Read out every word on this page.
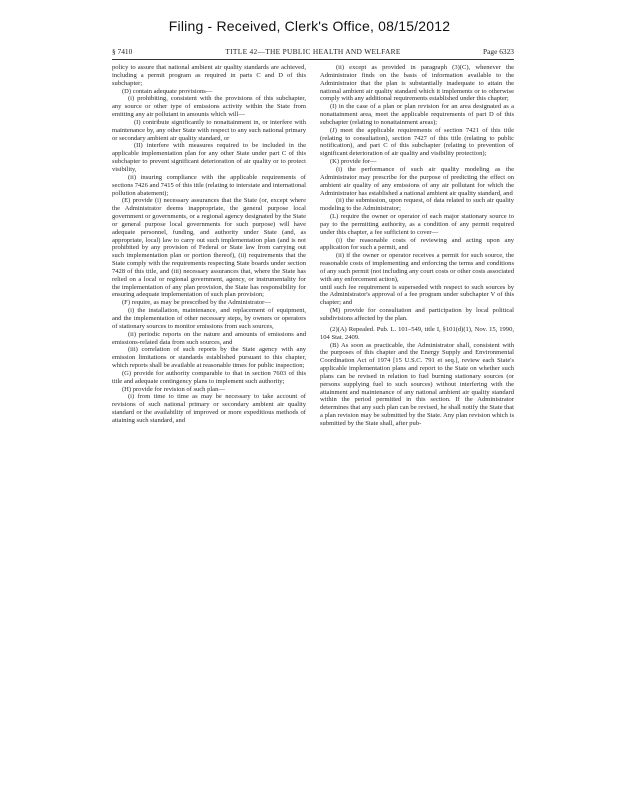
Filing - Received, Clerk's Office, 08/15/2012
§ 7410	TITLE 42—THE PUBLIC HEALTH AND WELFARE	Page 6323

policy to assure that national ambient air quality standards are achieved, including a permit program as required in parts C and D of this subchapter;

(D) contain adequate provisions—

(i) prohibiting, consistent with the provisions of this subchapter, any source or other type of emissions activity within the State from emitting any air pollutant in amounts which will—

(I) contribute significantly to nonattainment in, or interfere with maintenance by, any other State with respect to any such national primary or secondary ambient air quality standard, or

(II) interfere with measures required to be included in the applicable implementation plan for any other State under part C of this subchapter to prevent significant deterioration of air quality or to protect visibility,

(ii) insuring compliance with the applicable requirements of sections 7426 and 7415 of this title (relating to interstate and international pollution abatement);

(E) provide (i) necessary assurances that the State (or, except where the Administrator deems inappropriate, the general purpose local government or governments, or a regional agency designated by the State or general purpose local governments for such purpose) will have adequate personnel, funding, and authority under State (and, as appropriate, local) law to carry out such implementation plan (and is not prohibited by any provision of Federal or State law from carrying out such implementation plan or portion thereof), (ii) requirements that the State comply with the requirements respecting State boards under section 7428 of this title, and (iii) necessary assurances that, where the State has relied on a local or regional government, agency, or instrumentality for the implementation of any plan provision, the State has responsibility for ensuring adequate implementation of such plan provision;

(F) require, as may be prescribed by the Administrator—

(i) the installation, maintenance, and replacement of equipment, and the implementation of other necessary steps, by owners or operators of stationary sources to monitor emissions from such sources,

(ii) periodic reports on the nature and amounts of emissions and emissions-related data from such sources, and

(iii) correlation of such reports by the State agency with any emission limitations or standards established pursuant to this chapter, which reports shall be available at reasonable times for public inspection;

(G) provide for authority comparable to that in section 7603 of this title and adequate contingency plans to implement such authority;

(H) provide for revision of such plan—

(i) from time to time as may be necessary to take account of revisions of such national primary or secondary ambient air quality standard or the availability of improved or more expeditious methods of attaining such standard, and

(ii) except as provided in paragraph (3)(C), whenever the Administrator finds on the basis of information available to the Administrator that the plan is substantially inadequate to attain the national ambient air quality standard which it implements or to otherwise comply with any additional requirements established under this chapter;

(I) in the case of a plan or plan revision for an area designated as a nonattainment area, meet the applicable requirements of part D of this subchapter (relating to nonattainment areas);

(J) meet the applicable requirements of section 7421 of this title (relating to consultation), section 7427 of this title (relating to public notification), and part C of this subchapter (relating to prevention of significant deterioration of air quality and visibility protection);

(K) provide for—

(i) the performance of such air quality modeling as the Administrator may prescribe for the purpose of predicting the effect on ambient air quality of any emissions of any air pollutant for which the Administrator has established a national ambient air quality standard, and

(ii) the submission, upon request, of data related to such air quality modeling to the Administrator;

(L) require the owner or operator of each major stationary source to pay to the permitting authority, as a condition of any permit required under this chapter, a fee sufficient to cover—

(i) the reasonable costs of reviewing and acting upon any application for such a permit, and

(ii) if the owner or operator receives a permit for such source, the reasonable costs of implementing and enforcing the terms and conditions of any such permit (not including any court costs or other costs associated with any enforcement action),

until such fee requirement is superseded with respect to such sources by the Administrator's approval of a fee program under subchapter V of this chapter; and

(M) provide for consultation and participation by local political subdivisions affected by the plan.

(2)(A) Repealed. Pub. L. 101–549, title I, §101(d)(1), Nov. 15, 1990, 104 Stat. 2409.

(B) As soon as practicable, the Administrator shall, consistent with the purposes of this chapter and the Energy Supply and Environmental Coordination Act of 1974 [15 U.S.C. 791 et seq.], review each State's applicable implementation plans and report to the State on whether such plans can be revised in relation to fuel burning stationary sources (or persons supplying fuel to such sources) without interfering with the attainment and maintenance of any national ambient air quality standard within the period permitted in this section. If the Administrator determines that any such plan can be revised, he shall notify the State that a plan revision may be submitted by the State. Any plan revision which is submitted by the State shall, after pub-
